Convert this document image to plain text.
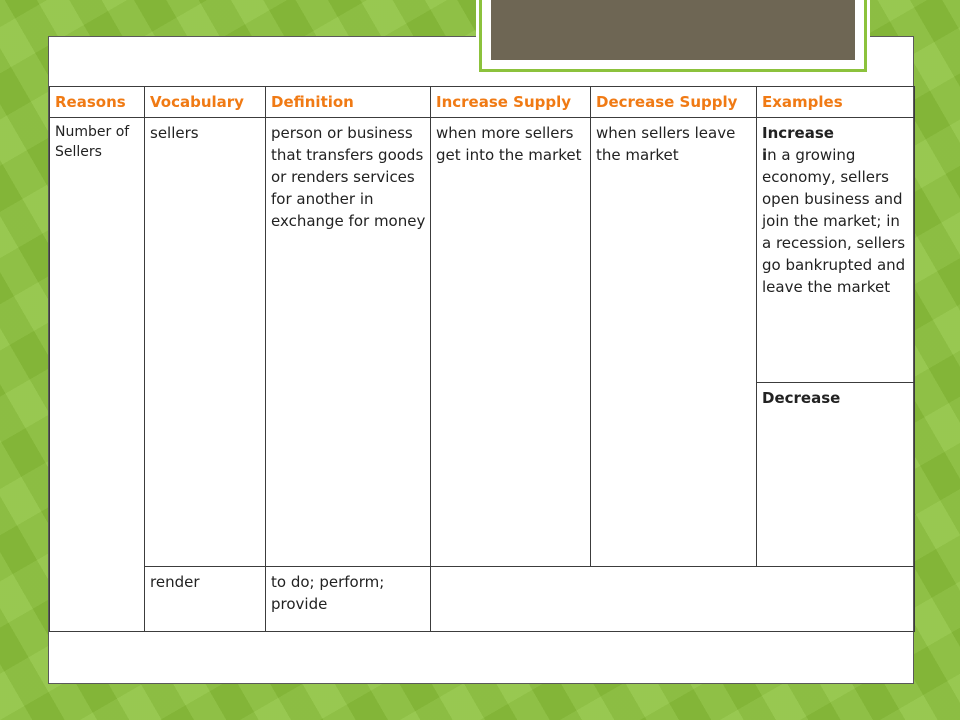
Reasons	Vocabulary	Definition	Increase Supply	Decrease Supply	Examples
Number of Sellers	sellers	person or business that transfers goods or renders services for another in exchange for money	when more sellers get into the market	when sellers leave the market	Increase
in a growing economy, sellers open business and join the market; in a recession, sellers go bankrupted and leave the market

					Decrease

	render	to do; perform; provide			
